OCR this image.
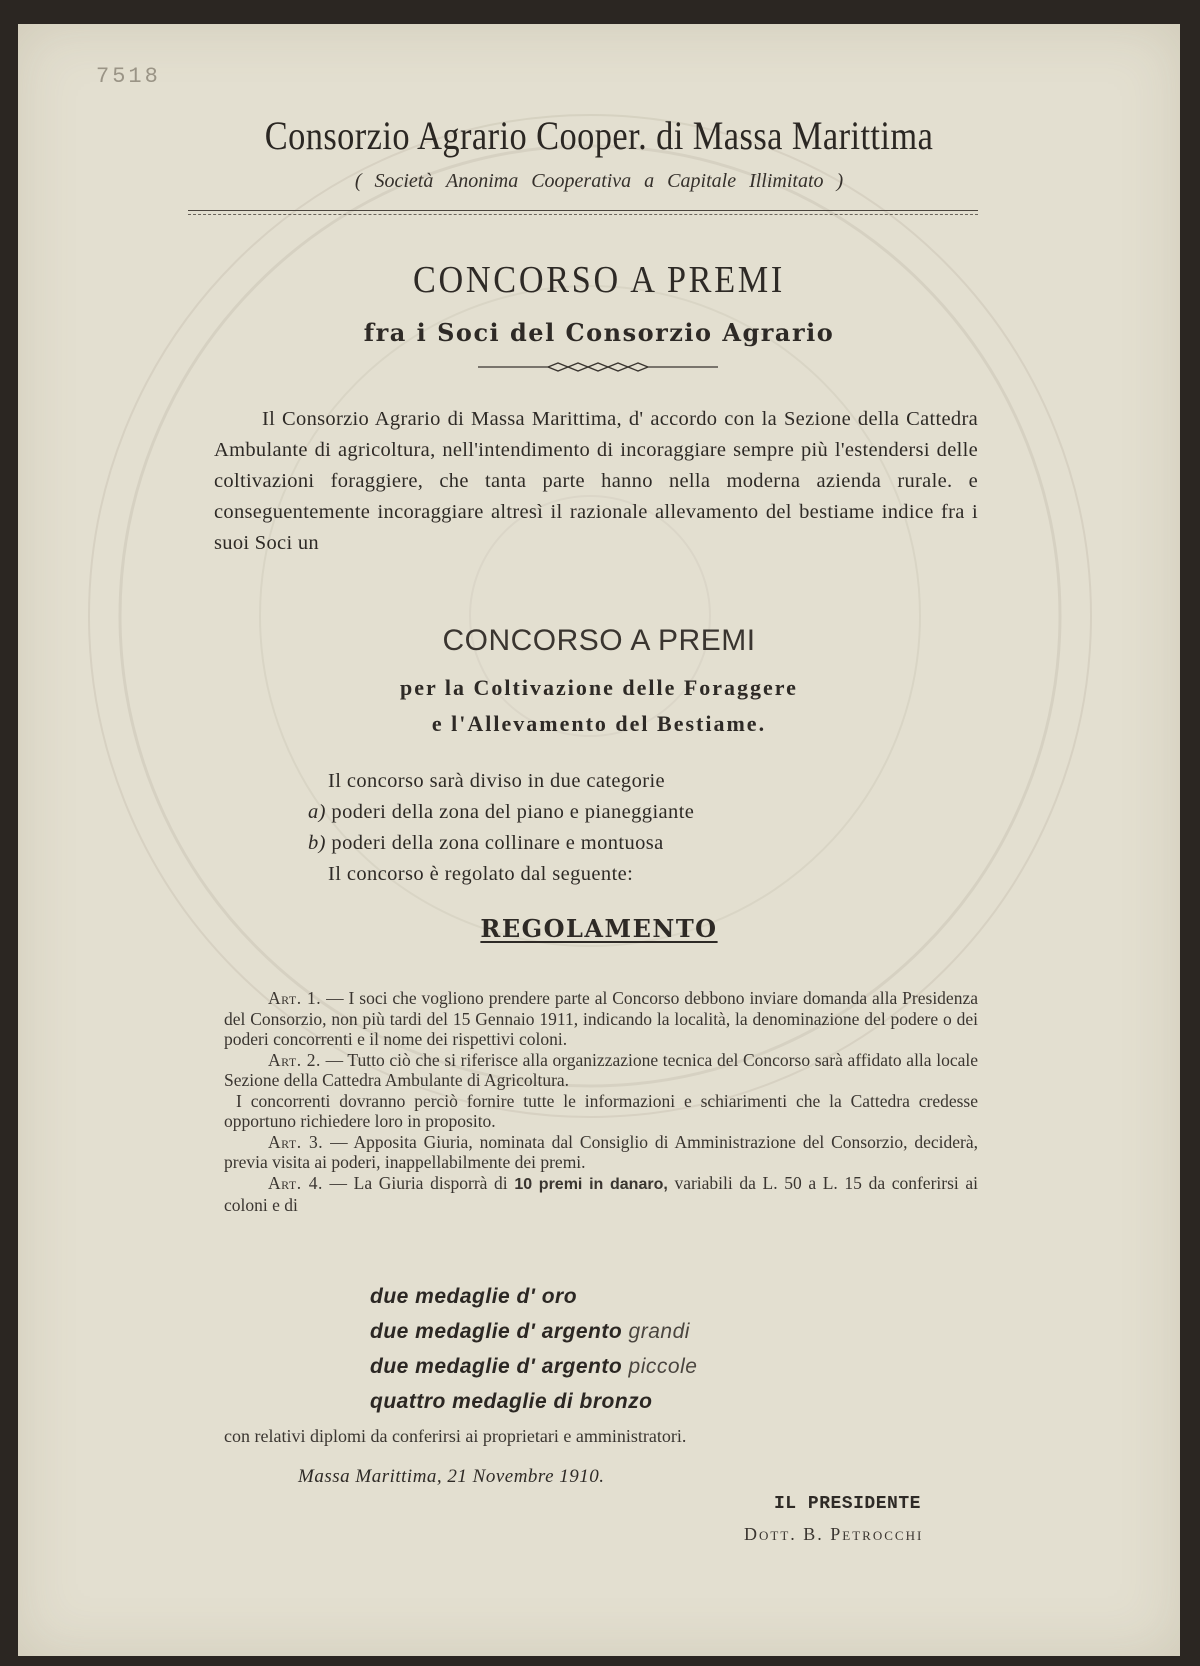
7518
Consorzio Agrario Cooper. di Massa Marittima
( Società Anonima Cooperativa a Capitale Illimitato )
CONCORSO A PREMI
fra i Soci del Consorzio Agrario

Il Consorzio Agrario di Massa Marittima, d' accordo con la Sezione della Cattedra Ambulante di agricoltura, nell'intendimento di incoraggiare sempre più l'estendersi delle coltivazioni foraggiere, che tanta parte hanno nella moderna azienda rurale. e conseguentemente incoraggiare altresì il razionale allevamento del bestiame indice fra i suoi Soci un

CONCORSO A PREMI
per la Coltivazione delle Foraggere
e l'Allevamento del Bestiame.
Il concorso sarà diviso in due categorie
a) poderi della zona del piano e pianeggiante
b) poderi della zona collinare e montuosa
Il concorso è regolato dal seguente:
REGOLAMENTO

Art. 1. — I soci che vogliono prendere parte al Concorso debbono inviare domanda alla Presidenza del Consorzio, non più tardi del 15 Gennaio 1911, indicando la località, la denominazione del podere o dei poderi concorrenti e il nome dei rispettivi coloni.

Art. 2. — Tutto ciò che si riferisce alla organizzazione tecnica del Concorso sarà affidato alla locale Sezione della Cattedra Ambulante di Agricoltura.

I concorrenti dovranno perciò fornire tutte le informazioni e schiarimenti che la Cattedra credesse opportuno richiedere loro in proposito.

Art. 3. — Apposita Giuria, nominata dal Consiglio di Amministrazione del Consorzio, deciderà, previa visita ai poderi, inappellabilmente dei premi.

Art. 4. — La Giuria disporrà di 10 premi in danaro, variabili da L. 50 a L. 15 da conferirsi ai coloni e di

due medaglie d' oro
due medaglie d' argento grandi
due medaglie d' argento piccole
quattro medaglie di bronzo
con relativi diplomi da conferirsi ai proprietari e amministratori.
Massa Marittima, 21 Novembre 1910.
IL PRESIDENTE
Dott. B. Petrocchi
